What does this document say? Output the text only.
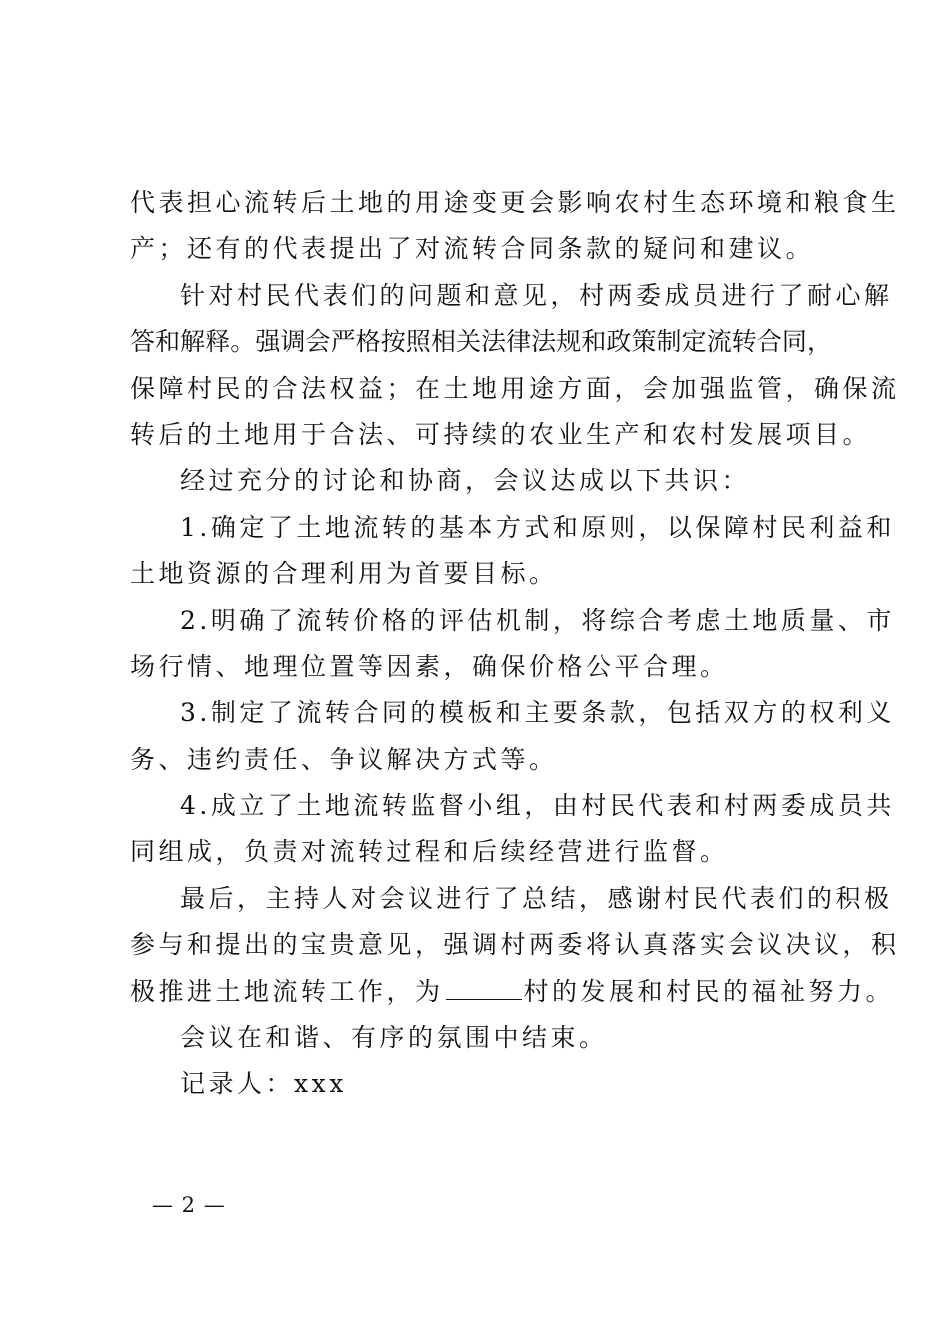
代表担心流转后土地的用途变更会影响农村生态环境和粮食生
产；还有的代表提出了对流转合同条款的疑问和建议。
针对村民代表们的问题和意见，村两委成员进行了耐心解
答和解释。强调会严格按照相关法律法规和政策制定流转合同，
保障村民的合法权益；在土地用途方面，会加强监管，确保流
转后的土地用于合法、可持续的农业生产和农村发展项目。
经过充分的讨论和协商，会议达成以下共识：
1.确定了土地流转的基本方式和原则，以保障村民利益和
土地资源的合理利用为首要目标。
2.明确了流转价格的评估机制，将综合考虑土地质量、市
场行情、地理位置等因素，确保价格公平合理。
3.制定了流转合同的模板和主要条款，包括双方的权利义
务、违约责任、争议解决方式等。
4.成立了土地流转监督小组，由村民代表和村两委成员共
同组成，负责对流转过程和后续经营进行监督。
最后，主持人对会议进行了总结，感谢村民代表们的积极
参与和提出的宝贵意见，强调村两委将认真落实会议决议，积
极推进土地流转工作，为	村的发展和村民的福祉努力。
会议在和谐、有序的氛围中结束。
记录人：xxx
— 2 —
